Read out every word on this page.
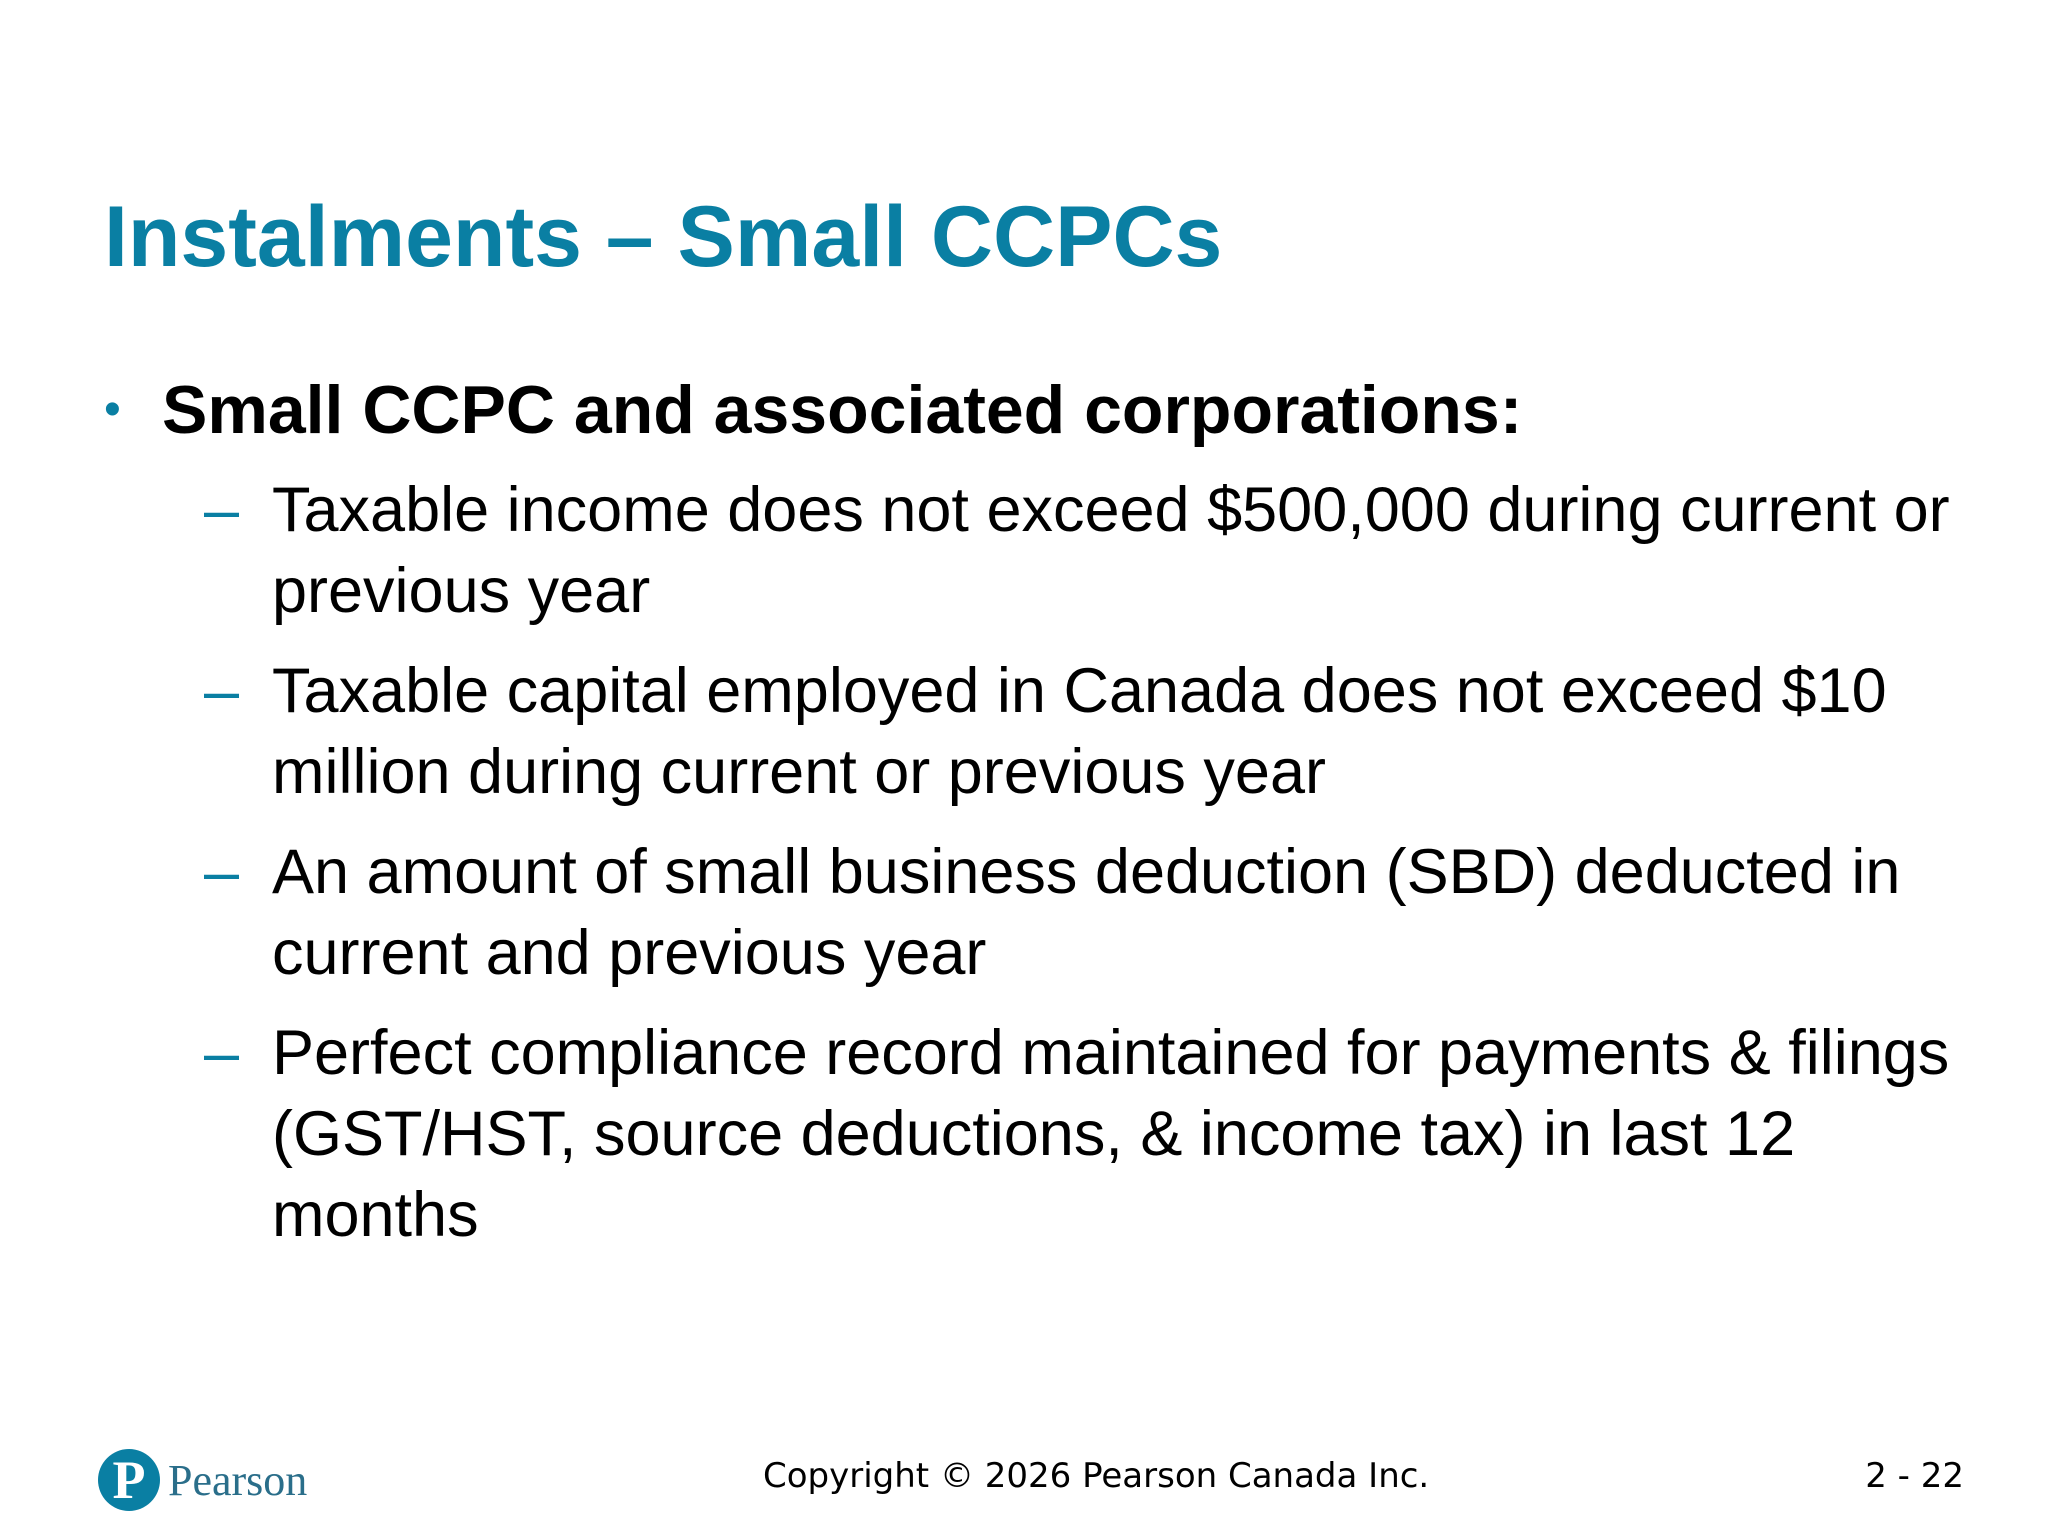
Instalments – Small CCPCs
• Small CCPC and associated corporations:
– Taxable income does not exceed $500,000 during current or previous year
– Taxable capital employed in Canada does not exceed $10 million during current or previous year
– An amount of small business deduction (SBD) deducted in current and previous year
– Perfect compliance record maintained for payments & filings (GST/HST, source deductions, & income tax) in last 12 months
P Pearson	Copyright © 2026 Pearson Canada Inc.	2 - 22
